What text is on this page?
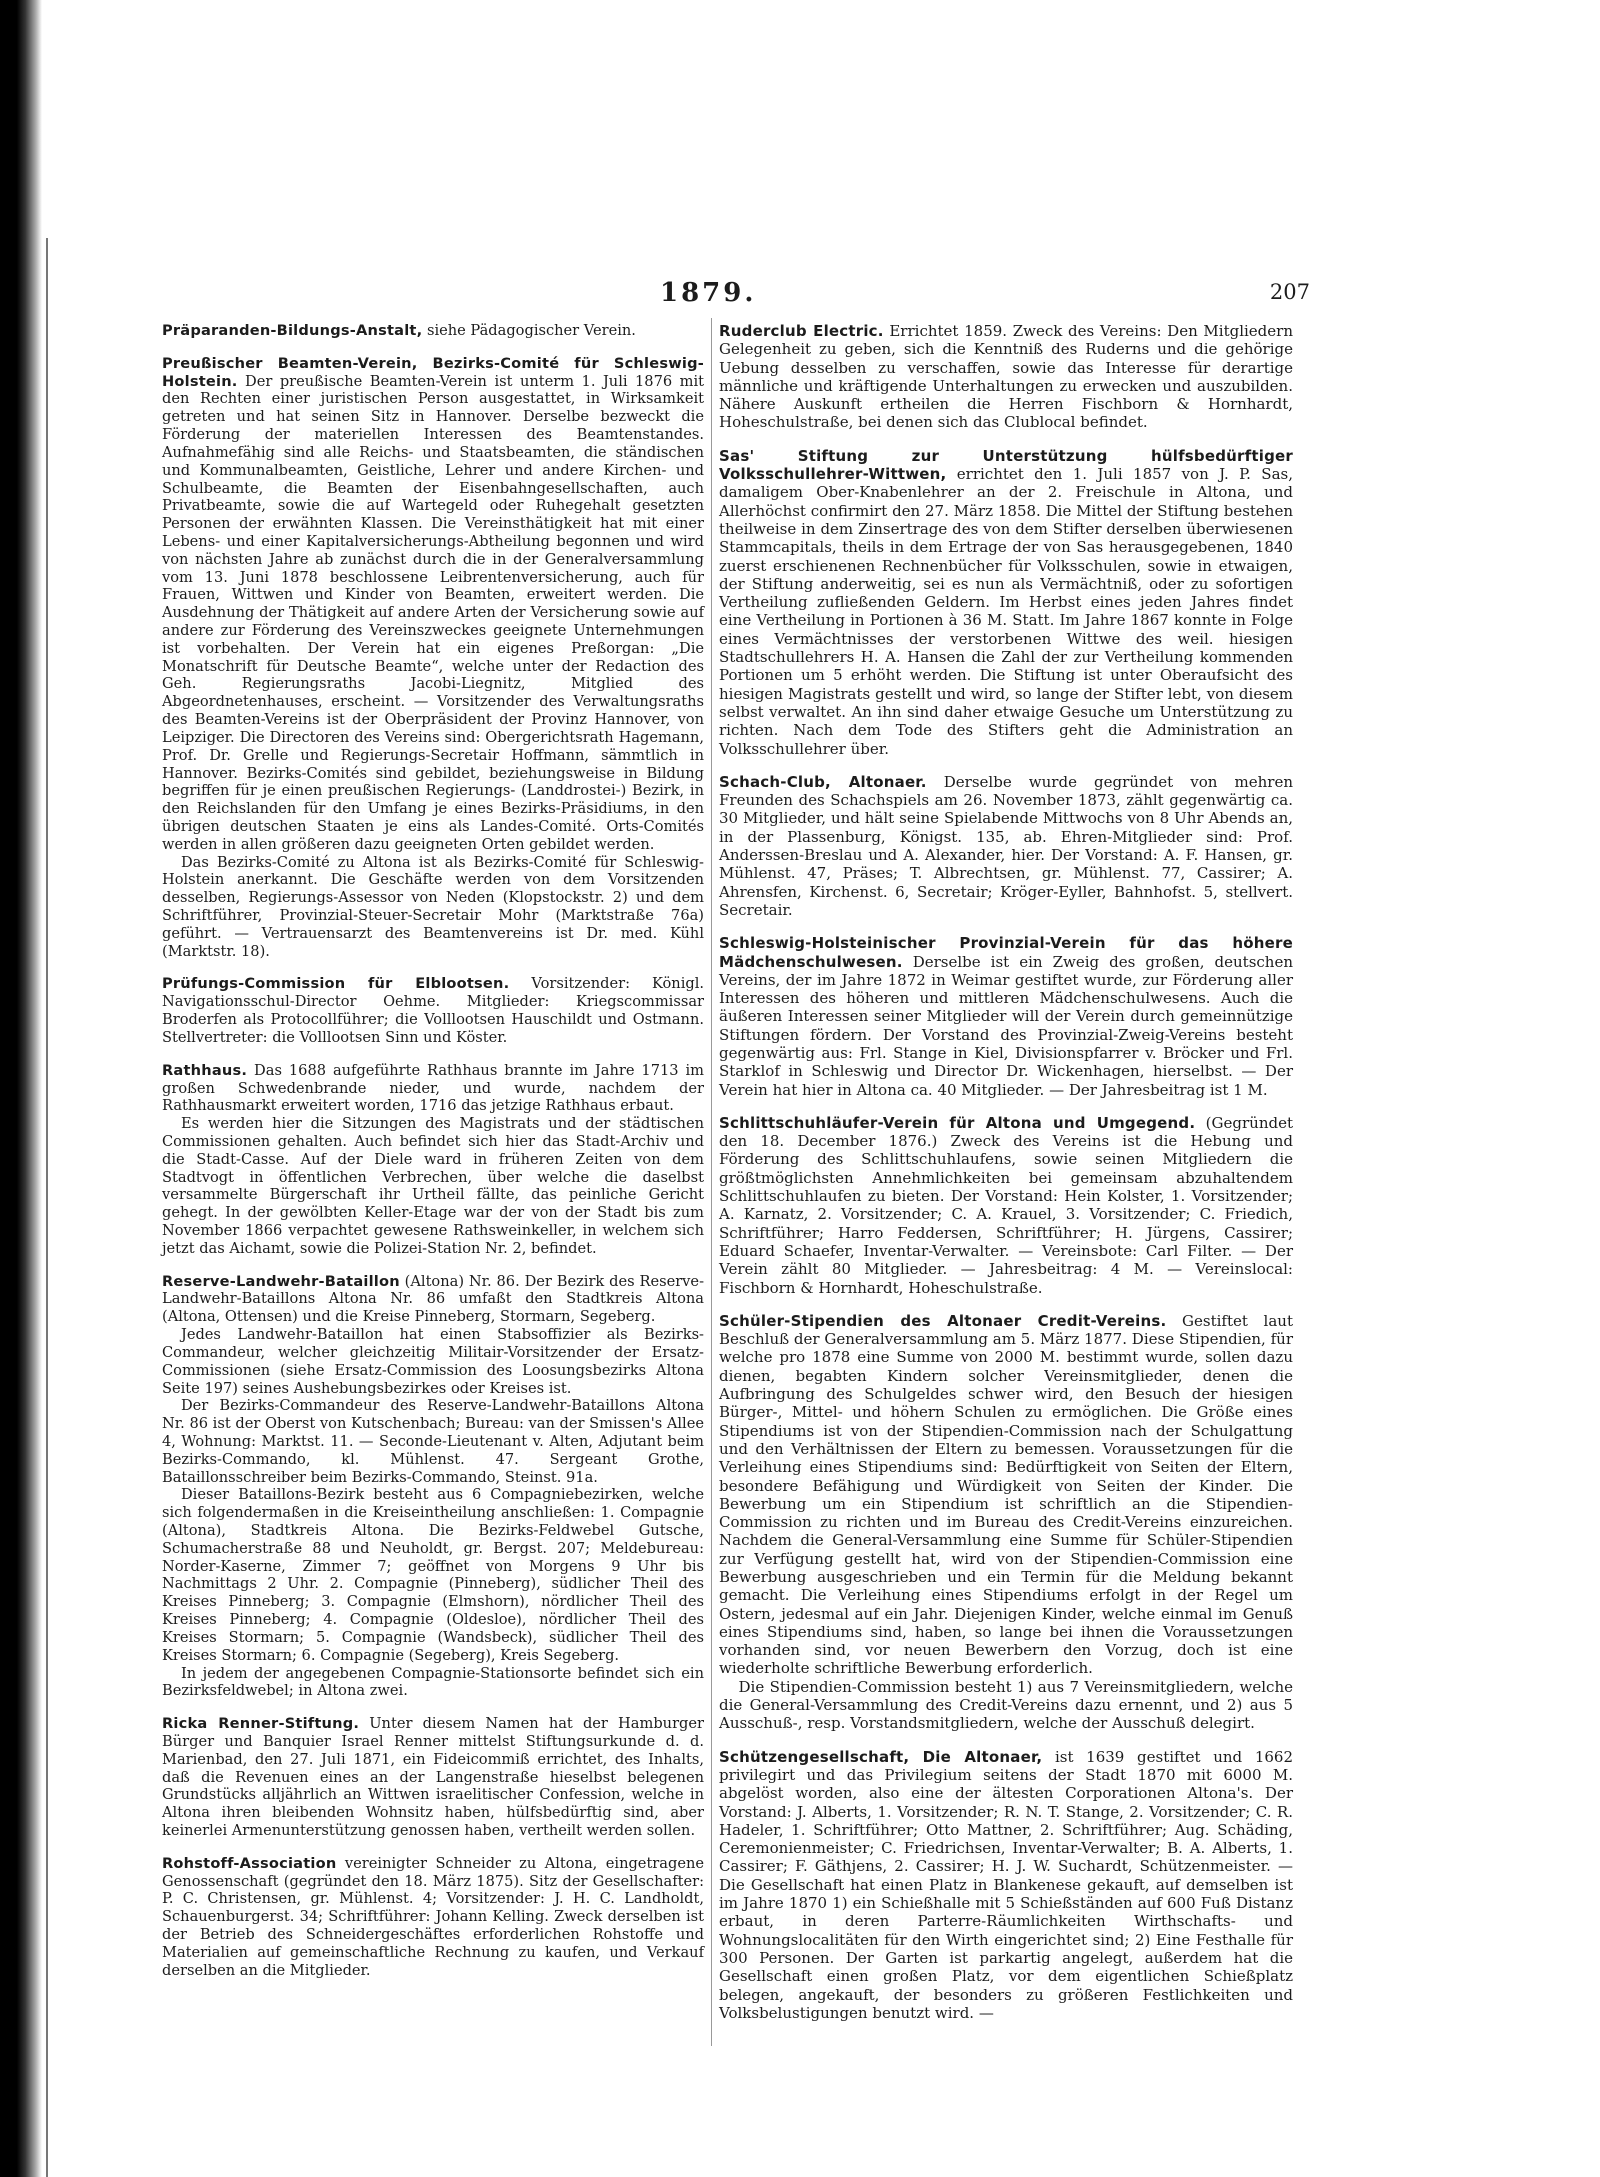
1879.	207

Präparanden-Bildungs-Anstalt, siehe Pädagogischer Verein.

Preußischer Beamten-Verein, Bezirks-Comité für Schleswig-Holstein. Der preußische Beamten-Verein ist unterm 1. Juli 1876 mit den Rechten einer juristischen Person ausgestattet, in Wirksamkeit getreten und hat seinen Sitz in Hannover. Derselbe bezweckt die Förderung der materiellen Interessen des Beamtenstandes. Aufnahmefähig sind alle Reichs- und Staatsbeamten, die ständischen und Kommunalbeamten, Geistliche, Lehrer und andere Kirchen- und Schulbeamte, die Beamten der Eisenbahngesellschaften, auch Privatbeamte, sowie die auf Wartegeld oder Ruhegehalt gesetzten Personen der erwähnten Klassen. Die Vereinsthätigkeit hat mit einer Lebens- und einer Kapitalversicherungs-Abtheilung begonnen und wird von nächsten Jahre ab zunächst durch die in der Generalversammlung vom 13. Juni 1878 beschlossene Leibrentenversicherung, auch für Frauen, Wittwen und Kinder von Beamten, erweitert werden. Die Ausdehnung der Thätigkeit auf andere Arten der Versicherung sowie auf andere zur Förderung des Vereinszweckes geeignete Unternehmungen ist vorbehalten. Der Verein hat ein eigenes Preßorgan: „Die Monatschrift für Deutsche Beamte“, welche unter der Redaction des Geh. Regierungsraths Jacobi-Liegnitz, Mitglied des Abgeordnetenhauses, erscheint. — Vorsitzender des Verwaltungsraths des Beamten-Vereins ist der Oberpräsident der Provinz Hannover, von Leipziger. Die Directoren des Vereins sind: Obergerichtsrath Hagemann, Prof. Dr. Grelle und Regierungs-Secretair Hoffmann, sämmtlich in Hannover. Bezirks-Comités sind gebildet, beziehungsweise in Bildung begriffen für je einen preußischen Regierungs- (Landdrostei-) Bezirk, in den Reichslanden für den Umfang je eines Bezirks-Präsidiums, in den übrigen deutschen Staaten je eins als Landes-Comité. Orts-Comités werden in allen größeren dazu geeigneten Orten gebildet werden.

Das Bezirks-Comité zu Altona ist als Bezirks-Comité für Schleswig-Holstein anerkannt. Die Geschäfte werden von dem Vorsitzenden desselben, Regierungs-Assessor von Neden (Klopstockstr. 2) und dem Schriftführer, Provinzial-Steuer-Secretair Mohr (Marktstraße 76a) geführt. — Vertrauensarzt des Beamtenvereins ist Dr. med. Kühl (Marktstr. 18).

Prüfungs-Commission für Elblootsen. Vorsitzender: Königl. Navigationsschul-Director Oehme. Mitglieder: Kriegscommissar Broderfen als Protocollführer; die Volllootsen Hauschildt und Ostmann. Stellvertreter: die Volllootsen Sinn und Köster.

Rathhaus. Das 1688 aufgeführte Rathhaus brannte im Jahre 1713 im großen Schwedenbrande nieder, und wurde, nachdem der Rathhausmarkt erweitert worden, 1716 das jetzige Rathhaus erbaut.

Es werden hier die Sitzungen des Magistrats und der städtischen Commissionen gehalten. Auch befindet sich hier das Stadt-Archiv und die Stadt-Casse. Auf der Diele ward in früheren Zeiten von dem Stadtvogt in öffentlichen Verbrechen, über welche die daselbst versammelte Bürgerschaft ihr Urtheil fällte, das peinliche Gericht gehegt. In der gewölbten Keller-Etage war der von der Stadt bis zum November 1866 verpachtet gewesene Rathsweinkeller, in welchem sich jetzt das Aichamt, sowie die Polizei-Station Nr. 2, befindet.

Reserve-Landwehr-Bataillon (Altona) Nr. 86. Der Bezirk des Reserve-Landwehr-Bataillons Altona Nr. 86 umfaßt den Stadtkreis Altona (Altona, Ottensen) und die Kreise Pinneberg, Stormarn, Segeberg.

Jedes Landwehr-Bataillon hat einen Stabsoffizier als Bezirks-Commandeur, welcher gleichzeitig Militair-Vorsitzender der Ersatz-Commissionen (siehe Ersatz-Commission des Loosungsbezirks Altona Seite 197) seines Aushebungsbezirkes oder Kreises ist.

Der Bezirks-Commandeur des Reserve-Landwehr-Bataillons Altona Nr. 86 ist der Oberst von Kutschenbach; Bureau: van der Smissen's Allee 4, Wohnung: Marktst. 11. — Seconde-Lieutenant v. Alten, Adjutant beim Bezirks-Commando, kl. Mühlenst. 47. Sergeant Grothe, Bataillonsschreiber beim Bezirks-Commando, Steinst. 91a.

Dieser Bataillons-Bezirk besteht aus 6 Compagniebezirken, welche sich folgendermaßen in die Kreiseintheilung anschließen: 1. Compagnie (Altona), Stadtkreis Altona. Die Bezirks-Feldwebel Gutsche, Schumacherstraße 88 und Neuholdt, gr. Bergst. 207; Meldebureau: Norder-Kaserne, Zimmer 7; geöffnet von Morgens 9 Uhr bis Nachmittags 2 Uhr. 2. Compagnie (Pinneberg), südlicher Theil des Kreises Pinneberg; 3. Compagnie (Elmshorn), nördlicher Theil des Kreises Pinneberg; 4. Compagnie (Oldesloe), nördlicher Theil des Kreises Stormarn; 5. Compagnie (Wandsbeck), südlicher Theil des Kreises Stormarn; 6. Compagnie (Segeberg), Kreis Segeberg.

In jedem der angegebenen Compagnie-Stationsorte befindet sich ein Bezirksfeldwebel; in Altona zwei.

Ricka Renner-Stiftung. Unter diesem Namen hat der Hamburger Bürger und Banquier Israel Renner mittelst Stiftungsurkunde d. d. Marienbad, den 27. Juli 1871, ein Fideicommiß errichtet, des Inhalts, daß die Revenuen eines an der Langenstraße hieselbst belegenen Grundstücks alljährlich an Wittwen israelitischer Confession, welche in Altona ihren bleibenden Wohnsitz haben, hülfsbedürftig sind, aber keinerlei Armenunterstützung genossen haben, vertheilt werden sollen.

Rohstoff-Association vereinigter Schneider zu Altona, eingetragene Genossenschaft (gegründet den 18. März 1875). Sitz der Gesellschafter: P. C. Christensen, gr. Mühlenst. 4; Vorsitzender: J. H. C. Landholdt, Schauenburgerst. 34; Schriftführer: Johann Kelling. Zweck derselben ist der Betrieb des Schneidergeschäftes erforderlichen Rohstoffe und Materialien auf gemeinschaftliche Rechnung zu kaufen, und Verkauf derselben an die Mitglieder.

Ruderclub Electric. Errichtet 1859. Zweck des Vereins: Den Mitgliedern Gelegenheit zu geben, sich die Kenntniß des Ruderns und die gehörige Uebung desselben zu verschaffen, sowie das Interesse für derartige männliche und kräftigende Unterhaltungen zu erwecken und auszubilden. Nähere Auskunft ertheilen die Herren Fischborn & Hornhardt, Hoheschulstraße, bei denen sich das Clublocal befindet.

Sas' Stiftung zur Unterstützung hülfsbedürftiger Volksschullehrer-Wittwen, errichtet den 1. Juli 1857 von J. P. Sas, damaligem Ober-Knabenlehrer an der 2. Freischule in Altona, und Allerhöchst confirmirt den 27. März 1858. Die Mittel der Stiftung bestehen theilweise in dem Zinsertrage des von dem Stifter derselben überwiesenen Stammcapitals, theils in dem Ertrage der von Sas herausgegebenen, 1840 zuerst erschienenen Rechnenbücher für Volksschulen, sowie in etwaigen, der Stiftung anderweitig, sei es nun als Vermächtniß, oder zu sofortigen Vertheilung zufließenden Geldern. Im Herbst eines jeden Jahres findet eine Vertheilung in Portionen à 36 M. Statt. Im Jahre 1867 konnte in Folge eines Vermächtnisses der verstorbenen Wittwe des weil. hiesigen Stadtschullehrers H. A. Hansen die Zahl der zur Vertheilung kommenden Portionen um 5 erhöht werden. Die Stiftung ist unter Oberaufsicht des hiesigen Magistrats gestellt und wird, so lange der Stifter lebt, von diesem selbst verwaltet. An ihn sind daher etwaige Gesuche um Unterstützung zu richten. Nach dem Tode des Stifters geht die Administration an Volksschullehrer über.

Schach-Club, Altonaer. Derselbe wurde gegründet von mehren Freunden des Schachspiels am 26. November 1873, zählt gegenwärtig ca. 30 Mitglieder, und hält seine Spielabende Mittwochs von 8 Uhr Abends an, in der Plassenburg, Königst. 135, ab. Ehren-Mitglieder sind: Prof. Anderssen-Breslau und A. Alexander, hier. Der Vorstand: A. F. Hansen, gr. Mühlenst. 47, Präses; T. Albrechtsen, gr. Mühlenst. 77, Cassirer; A. Ahrensfen, Kirchenst. 6, Secretair; Kröger-Eyller, Bahnhofst. 5, stellvert. Secretair.

Schleswig-Holsteinischer Provinzial-Verein für das höhere Mädchenschulwesen. Derselbe ist ein Zweig des großen, deutschen Vereins, der im Jahre 1872 in Weimar gestiftet wurde, zur Förderung aller Interessen des höheren und mittleren Mädchenschulwesens. Auch die äußeren Interessen seiner Mitglieder will der Verein durch gemeinnützige Stiftungen fördern. Der Vorstand des Provinzial-Zweig-Vereins besteht gegenwärtig aus: Frl. Stange in Kiel, Divisionspfarrer v. Bröcker und Frl. Starklof in Schleswig und Director Dr. Wickenhagen, hierselbst. — Der Verein hat hier in Altona ca. 40 Mitglieder. — Der Jahresbeitrag ist 1 M.

Schlittschuhläufer-Verein für Altona und Umgegend. (Gegründet den 18. December 1876.) Zweck des Vereins ist die Hebung und Förderung des Schlittschuhlaufens, sowie seinen Mitgliedern die größtmöglichsten Annehmlichkeiten bei gemeinsam abzuhaltendem Schlittschuhlaufen zu bieten. Der Vorstand: Hein Kolster, 1. Vorsitzender; A. Karnatz, 2. Vorsitzender; C. A. Krauel, 3. Vorsitzender; C. Friedich, Schriftführer; Harro Feddersen, Schriftführer; H. Jürgens, Cassirer; Eduard Schaefer, Inventar-Verwalter. — Vereinsbote: Carl Filter. — Der Verein zählt 80 Mitglieder. — Jahresbeitrag: 4 M. — Vereinslocal: Fischborn & Hornhardt, Hoheschulstraße.

Schüler-Stipendien des Altonaer Credit-Vereins. Gestiftet laut Beschluß der Generalversammlung am 5. März 1877. Diese Stipendien, für welche pro 1878 eine Summe von 2000 M. bestimmt wurde, sollen dazu dienen, begabten Kindern solcher Vereinsmitglieder, denen die Aufbringung des Schulgeldes schwer wird, den Besuch der hiesigen Bürger-, Mittel- und höhern Schulen zu ermöglichen. Die Größe eines Stipendiums ist von der Stipendien-Commission nach der Schulgattung und den Verhältnissen der Eltern zu bemessen. Voraussetzungen für die Verleihung eines Stipendiums sind: Bedürftigkeit von Seiten der Eltern, besondere Befähigung und Würdigkeit von Seiten der Kinder. Die Bewerbung um ein Stipendium ist schriftlich an die Stipendien-Commission zu richten und im Bureau des Credit-Vereins einzureichen. Nachdem die General-Versammlung eine Summe für Schüler-Stipendien zur Verfügung gestellt hat, wird von der Stipendien-Commission eine Bewerbung ausgeschrieben und ein Termin für die Meldung bekannt gemacht. Die Verleihung eines Stipendiums erfolgt in der Regel um Ostern, jedesmal auf ein Jahr. Diejenigen Kinder, welche einmal im Genuß eines Stipendiums sind, haben, so lange bei ihnen die Voraussetzungen vorhanden sind, vor neuen Bewerbern den Vorzug, doch ist eine wiederholte schriftliche Bewerbung erforderlich.

Die Stipendien-Commission besteht 1) aus 7 Vereinsmitgliedern, welche die General-Versammlung des Credit-Vereins dazu ernennt, und 2) aus 5 Ausschuß-, resp. Vorstandsmitgliedern, welche der Ausschuß delegirt.

Schützengesellschaft, Die Altonaer, ist 1639 gestiftet und 1662 privilegirt und das Privilegium seitens der Stadt 1870 mit 6000 M. abgelöst worden, also eine der ältesten Corporationen Altona's. Der Vorstand: J. Alberts, 1. Vorsitzender; R. N. T. Stange, 2. Vorsitzender; C. R. Hadeler, 1. Schriftführer; Otto Mattner, 2. Schriftführer; Aug. Schäding, Ceremonienmeister; C. Friedrichsen, Inventar-Verwalter; B. A. Alberts, 1. Cassirer; F. Gäthjens, 2. Cassirer; H. J. W. Suchardt, Schützenmeister. — Die Gesellschaft hat einen Platz in Blankenese gekauft, auf demselben ist im Jahre 1870 1) ein Schießhalle mit 5 Schießständen auf 600 Fuß Distanz erbaut, in deren Parterre-Räumlichkeiten Wirthschafts- und Wohnungslocalitäten für den Wirth eingerichtet sind; 2) Eine Festhalle für 300 Personen. Der Garten ist parkartig angelegt, außerdem hat die Gesellschaft einen großen Platz, vor dem eigentlichen Schießplatz belegen, angekauft, der besonders zu größeren Festlichkeiten und Volksbelustigungen benutzt wird. —
